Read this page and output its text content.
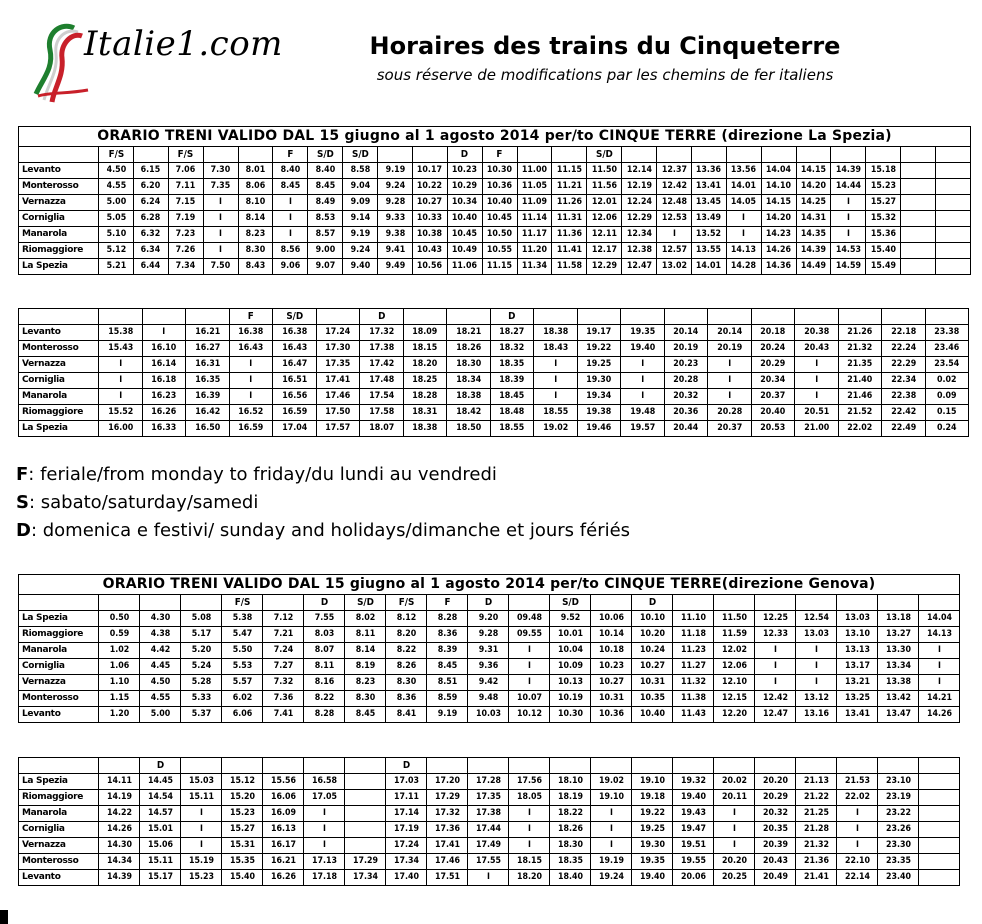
Italie1.com	Horaires des trains du Cinqueterre
sous réserve de modifications par les chemins de fer italiens
ORARIO TRENI VALIDO DAL 15 giugno al 1 agosto 2014 per/to CINQUE TERRE (direzione La Spezia)																									
	F/S		F/S			F	S/D	S/D			D	F			S/D										
Levanto	4.50	6.15	7.06	7.30	8.01	8.40	8.40	8.58	9.19	10.17	10.23	10.30	11.00	11.15	11.50	12.14	12.37	13.36	13.56	14.04	14.15	14.39	15.18		
Monterosso	4.55	6.20	7.11	7.35	8.06	8.45	8.45	9.04	9.24	10.22	10.29	10.36	11.05	11.21	11.56	12.19	12.42	13.41	14.01	14.10	14.20	14.44	15.23		
Vernazza	5.00	6.24	7.15	I	8.10	I	8.49	9.09	9.28	10.27	10.34	10.40	11.09	11.26	12.01	12.24	12.48	13.45	14.05	14.15	14.25	I	15.27		
Corniglia	5.05	6.28	7.19	I	8.14	I	8.53	9.14	9.33	10.33	10.40	10.45	11.14	11.31	12.06	12.29	12.53	13.49	I	14.20	14.31	I	15.32		
Manarola	5.10	6.32	7.23	I	8.23	I	8.57	9.19	9.38	10.38	10.45	10.50	11.17	11.36	12.11	12.34	I	13.52	I	14.23	14.35	I	15.36		
Riomaggiore	5.12	6.34	7.26	I	8.30	8.56	9.00	9.24	9.41	10.43	10.49	10.55	11.20	11.41	12.17	12.38	12.57	13.55	14.13	14.26	14.39	14.53	15.40		
La Spezia	5.21	6.44	7.34	7.50	8.43	9.06	9.07	9.40	9.49	10.56	11.06	11.15	11.34	11.58	12.29	12.47	13.02	14.01	14.28	14.36	14.49	14.59	15.49		
				F	S/D		D			D										
Levanto	15.38	I	16.21	16.38	16.38	17.24	17.32	18.09	18.21	18.27	18.38	19.17	19.35	20.14	20.14	20.18	20.38	21.26	22.18	23.38
Monterosso	15.43	16.10	16.27	16.43	16.43	17.30	17.38	18.15	18.26	18.32	18.43	19.22	19.40	20.19	20.19	20.24	20.43	21.32	22.24	23.46
Vernazza	I	16.14	16.31	I	16.47	17.35	17.42	18.20	18.30	18.35	I	19.25	I	20.23	I	20.29	I	21.35	22.29	23.54
Corniglia	I	16.18	16.35	I	16.51	17.41	17.48	18.25	18.34	18.39	I	19.30	I	20.28	I	20.34	I	21.40	22.34	0.02
Manarola	I	16.23	16.39	I	16.56	17.46	17.54	18.28	18.38	18.45	I	19.34	I	20.32	I	20.37	I	21.46	22.38	0.09
Riomaggiore	15.52	16.26	16.42	16.52	16.59	17.50	17.58	18.31	18.42	18.48	18.55	19.38	19.48	20.36	20.28	20.40	20.51	21.52	22.42	0.15
La Spezia	16.00	16.33	16.50	16.59	17.04	17.57	18.07	18.38	18.50	18.55	19.02	19.46	19.57	20.44	20.37	20.53	21.00	22.02	22.49	0.24
F: feriale/from monday to friday/du lundi au vendredi
S: sabato/saturday/samedi
D: domenica e festivi/ sunday and holidays/dimanche et jours fériés
ORARIO TRENI VALIDO DAL 15 giugno al 1 agosto 2014 per/to CINQUE TERRE(direzione Genova)																					
				F/S		D	S/D	F/S	F	D		S/D		D							
La Spezia	0.50	4.30	5.08	5.38	7.12	7.55	8.02	8.12	8.28	9.20	09.48	9.52	10.06	10.10	11.10	11.50	12.25	12.54	13.03	13.18	14.04
Riomaggiore	0.59	4.38	5.17	5.47	7.21	8.03	8.11	8.20	8.36	9.28	09.55	10.01	10.14	10.20	11.18	11.59	12.33	13.03	13.10	13.27	14.13
Manarola	1.02	4.42	5.20	5.50	7.24	8.07	8.14	8.22	8.39	9.31	I	10.04	10.18	10.24	11.23	12.02	I	I	13.13	13.30	I
Corniglia	1.06	4.45	5.24	5.53	7.27	8.11	8.19	8.26	8.45	9.36	I	10.09	10.23	10.27	11.27	12.06	I	I	13.17	13.34	I
Vernazza	1.10	4.50	5.28	5.57	7.32	8.16	8.23	8.30	8.51	9.42	I	10.13	10.27	10.31	11.32	12.10	I	I	13.21	13.38	I
Monterosso	1.15	4.55	5.33	6.02	7.36	8.22	8.30	8.36	8.59	9.48	10.07	10.19	10.31	10.35	11.38	12.15	12.42	13.12	13.25	13.42	14.21
Levanto	1.20	5.00	5.37	6.06	7.41	8.28	8.45	8.41	9.19	10.03	10.12	10.30	10.36	10.40	11.43	12.20	12.47	13.16	13.41	13.47	14.26
		D						D													
La Spezia	14.11	14.45	15.03	15.12	15.56	16.58		17.03	17.20	17.28	17.56	18.10	19.02	19.10	19.32	20.02	20.20	21.13	21.53	23.10	
Riomaggiore	14.19	14.54	15.11	15.20	16.06	17.05		17.11	17.29	17.35	18.05	18.19	19.10	19.18	19.40	20.11	20.29	21.22	22.02	23.19	
Manarola	14.22	14.57	I	15.23	16.09	I		17.14	17.32	17.38	I	18.22	I	19.22	19.43	I	20.32	21.25	I	23.22	
Corniglia	14.26	15.01	I	15.27	16.13	I		17.19	17.36	17.44	I	18.26	I	19.25	19.47	I	20.35	21.28	I	23.26	
Vernazza	14.30	15.06	I	15.31	16.17	I		17.24	17.41	17.49	I	18.30	I	19.30	19.51	I	20.39	21.32	I	23.30	
Monterosso	14.34	15.11	15.19	15.35	16.21	17.13	17.29	17.34	17.46	17.55	18.15	18.35	19.19	19.35	19.55	20.20	20.43	21.36	22.10	23.35	
Levanto	14.39	15.17	15.23	15.40	16.26	17.18	17.34	17.40	17.51	I	18.20	18.40	19.24	19.40	20.06	20.25	20.49	21.41	22.14	23.40	
